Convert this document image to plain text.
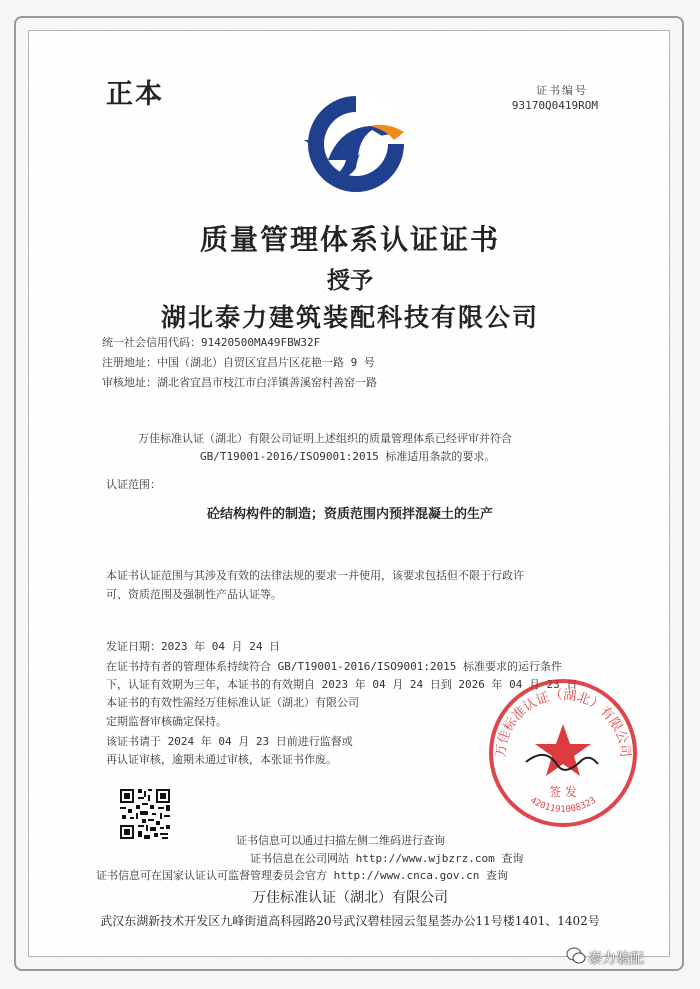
正本	证书编号
93170Q0419ROM
质量管理体系认证证书
授予
湖北泰力建筑装配科技有限公司
统一社会信用代码：91420500MA49FBW32F
注册地址：中国（湖北）自贸区宜昌片区花艳一路 9 号
审核地址：湖北省宜昌市枝江市白洋镇善溪窑村善窑一路
万佳标准认证（湖北）有限公司证明上述组织的质量管理体系已经评审并符合
GB/T19001-2016/ISO9001:2015 标准适用条款的要求。
认证范围：
砼结构构件的制造；资质范围内预拌混凝土的生产
本证书认证范围与其涉及有效的法律法规的要求一并使用，该要求包括但不限于行政许
可、资质范围及强制性产品认证等。
发证日期：2023 年 04 月 24 日
在证书持有者的管理体系持续符合 GB/T19001-2016/ISO9001:2015 标准要求的运行条件
下，认证有效期为三年，本证书的有效期自 2023 年 04 月 24 日到 2026 年 04 月 23 日
本证书的有效性需经万佳标准认证（湖北）有限公司
定期监督审核确定保持。
该证书请于 2024 年 04 月 23 日前进行监督或
再认证审核，逾期未通过审核，本张证书作废。
证书信息可以通过扫描左侧二维码进行查询
证书信息在公司网站 http://www.wjbzrz.com 查询
证书信息可在国家认证认可监督管理委员会官方 http://www.cnca.gov.cn 查询
万佳标准认证（湖北）有限公司
武汉东湖新技术开发区九峰街道高科园路20号武汉碧桂园云玺星荟办公11号楼1401、1402号
万佳标准认证（湖北）有限公司
签 发
4201191008323
泰力装配
